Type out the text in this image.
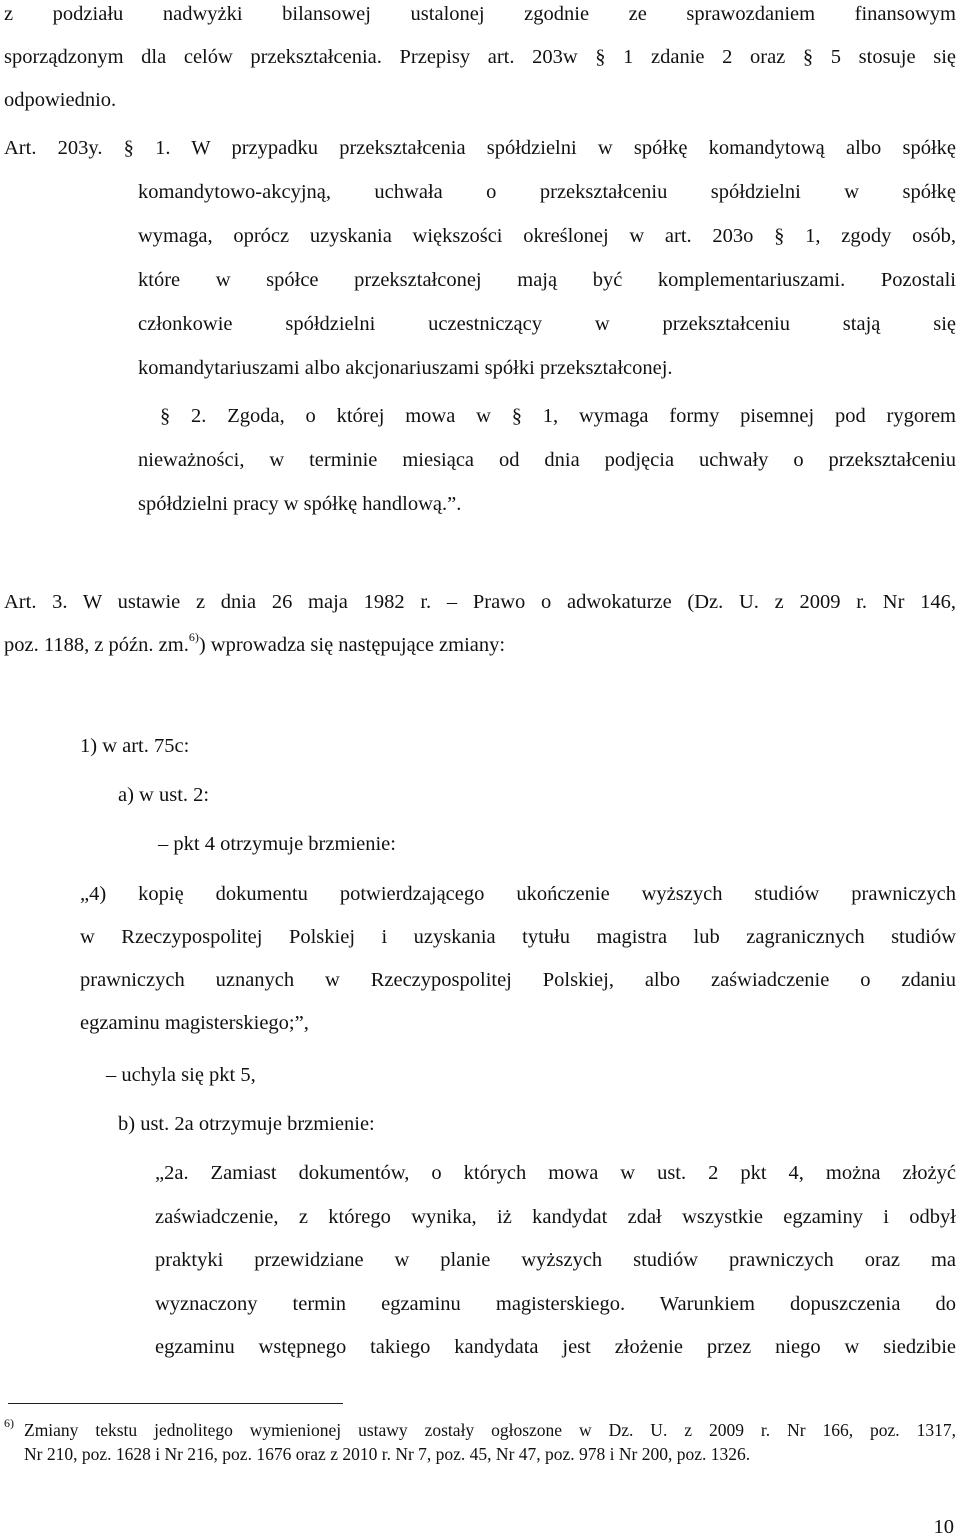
z podziału nadwyżki bilansowej ustalonej zgodnie ze sprawozdaniem finansowym
sporządzonym dla celów przekształcenia. Przepisy art. 203w § 1 zdanie 2 oraz § 5 stosuje się
odpowiednio.
Art. 203y. § 1. W przypadku przekształcenia spółdzielni w spółkę komandytową albo spółkę
komandytowo-akcyjną, uchwała o przekształceniu spółdzielni w spółkę
wymaga, oprócz uzyskania większości określonej w art. 203o § 1, zgody osób,
które w spółce przekształconej mają być komplementariuszami. Pozostali
członkowie spółdzielni uczestniczący w przekształceniu stają się
komandytariuszami albo akcjonariuszami spółki przekształconej.
§ 2. Zgoda, o której mowa w § 1, wymaga formy pisemnej pod rygorem
nieważności, w terminie miesiąca od dnia podjęcia uchwały o przekształceniu
spółdzielni pracy w spółkę handlową.”.
Art. 3. W ustawie z dnia 26 maja 1982 r. – Prawo o adwokaturze (Dz. U. z 2009 r. Nr 146,
poz. 1188, z późn. zm.$^{6)}$) wprowadza się następujące zmiany:
1) w art. 75c:
a) w ust. 2:
– pkt 4 otrzymuje brzmienie:
„4) kopię dokumentu potwierdzającego ukończenie wyższych studiów prawniczych
w Rzeczypospolitej Polskiej i uzyskania tytułu magistra lub zagranicznych studiów
prawniczych uznanych w Rzeczypospolitej Polskiej, albo zaświadczenie o zdaniu
egzaminu magisterskiego;”,
– uchyla się pkt 5,
b) ust. 2a otrzymuje brzmienie:
„2a. Zamiast dokumentów, o których mowa w ust. 2 pkt 4, można złożyć
zaświadczenie, z którego wynika, iż kandydat zdał wszystkie egzaminy i odbył
praktyki przewidziane w planie wyższych studiów prawniczych oraz ma
wyznaczony termin egzaminu magisterskiego. Warunkiem dopuszczenia do
egzaminu wstępnego takiego kandydata jest złożenie przez niego w siedzibie
6) Zmiany tekstu jednolitego wymienionej ustawy zostały ogłoszone w Dz. U. z 2009 r. Nr 166, poz. 1317,
Nr 210, poz. 1628 i Nr 216, poz. 1676 oraz z 2010 r. Nr 7, poz. 45, Nr 47, poz. 978 i Nr 200, poz. 1326.
10
